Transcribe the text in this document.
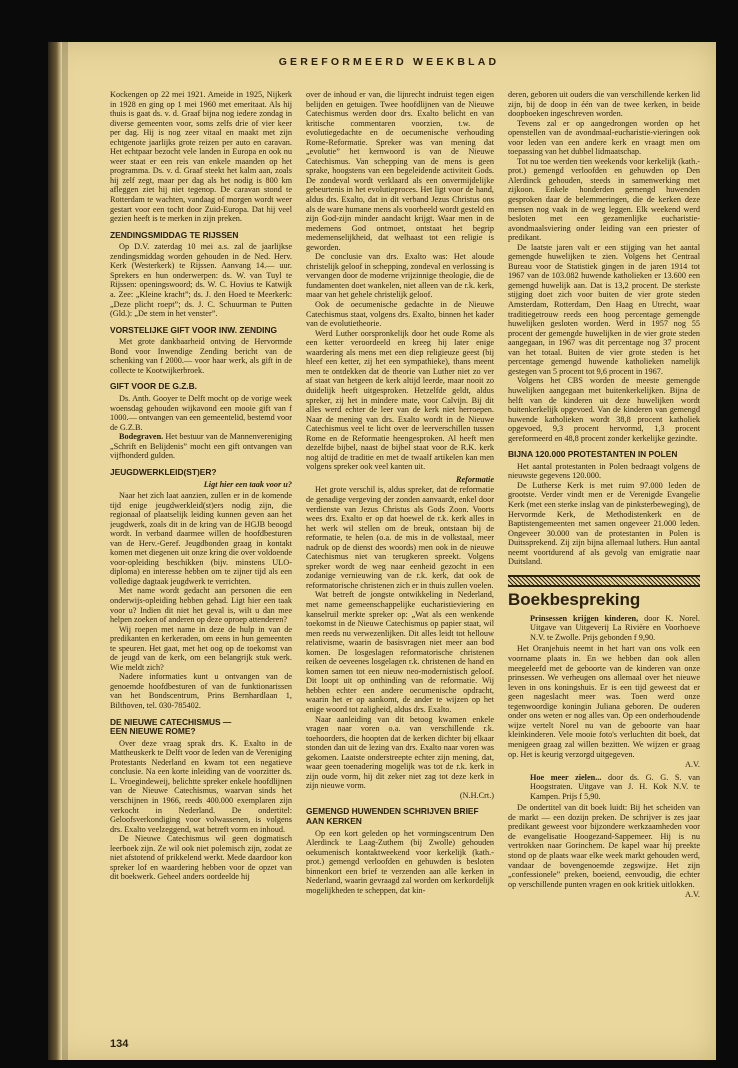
GEREFORMEERD WEEKBLAD

Kockengen op 22 mei 1921. Ameide in 1925, Nijkerk in 1928 en ging op 1 mei 1960 met emeritaat. Als hij thuis is gaat ds. v. d. Graaf bijna nog iedere zondag in diverse gemeenten voor, soms zelfs drie of vier keer per dag. Hij is nog zeer vitaal en maakt met zijn echtgenote jaarlijks grote reizen per auto en caravan. Het echtpaar bezocht vele landen in Europa en ook nu weer staat er een reis van enkele maanden op het programma. Ds. v. d. Graaf steekt het kalm aan, zoals hij zelf zegt, maar per dag als het nodig is 800 km afleggen ziet hij niet tegenop. De caravan stond te Rotterdam te wachten, vandaag of morgen wordt weer gestart voor een tocht door Zuid-Europa. Dat hij veel gezien heeft is te merken in zijn preken.

ZENDINGSMIDDAG TE RIJSSEN

Op D.V. zaterdag 10 mei a.s. zal de jaarlijkse zendingsmiddag worden gehouden in de Ned. Herv. Kerk (Westerkerk) te Rijssen. Aanvang 14.— uur. Sprekers en hun onderwerpen: ds. W. van Tuyl te Rijssen: openingswoord; ds. W. C. Hovius te Katwijk a. Zee: „Kleine kracht”; ds. J. den Hoed te Meerkerk: „Deze plicht roept”; ds. J. C. Schuurman te Putten (Gld.): „De stem in het venster”.

VORSTELIJKE GIFT VOOR INW. ZENDING

Met grote dankbaarheid ontving de Hervormde Bond voor Inwendige Zending bericht van de schenking van f 2000.— voor haar werk, als gift in de collecte te Kootwijkerbroek.

GIFT VOOR DE G.Z.B.

Ds. Anth. Gooyer te Delft mocht op de vorige week woensdag gehouden wijkavond een mooie gift van f 1000.— ontvangen van een gemeentelid, bestemd voor de G.Z.B.

Bodegraven. Het bestuur van de Mannenvereniging „Schrift en Belijdenis” mocht een gift ontvangen van vijfhonderd gulden.

JEUGDWERKLEID(ST)ER?
Ligt hier een taak voor u?

Naar het zich laat aanzien, zullen er in de komende tijd enige jeugdwerkleid(st)ers nodig zijn, die regionaal of plaatselijk leiding kunnen geven aan het jeugdwerk, zoals dit in de kring van de HGJB beoogd wordt. In verband daarmee willen de hoofdbesturen van de Herv.-Geref. Jeugdbonden graag in kontakt komen met diegenen uit onze kring die over voldoende voor-opleiding beschikken (bijv. minstens ULO-diploma) en interesse hebben om te zijner tijd als een volledige dagtaak jeugdwerk te verrichten.

Met name wordt gedacht aan personen die een onderwijs-opleiding hebben gehad. Ligt hier een taak voor u? Indien dit niet het geval is, wilt u dan mee helpen zoeken of anderen op deze oproep attenderen?

Wij roepen met name in deze de hulp in van de predikanten en kerkeraden, om eens in hun gemeenten te speuren. Het gaat, met het oog op de toekomst van de jeugd van de kerk, om een belangrijk stuk werk. Wie meldt zich?

Nadere informaties kunt u ontvangen van de genoemde hoofdbesturen of van de funktionarissen van het Bondscentrum, Prins Bernhardlaan 1, Bilthoven, tel. 030-785402.

DE NIEUWE CATECHISMUS —
EEN NIEUWE ROME?

Over deze vraag sprak drs. K. Exalto in de Mattheuskerk te Delft voor de leden van de Vereniging Protestants Nederland en kwam tot een negatieve conclusie. Na een korte inleiding van de voorzitter ds. L. Vroegindeweij, belichtte spreker enkele hoofdlijnen van de Nieuwe Catechismus, waarvan sinds het verschijnen in 1966, reeds 400.000 exemplaren zijn verkocht in Nederland. De ondertitel: Geloofsverkondiging voor volwassenen, is volgens drs. Exalto veelzeggend, wat betreft vorm en inhoud.

De Nieuwe Catechismus wil geen dogmatisch leerboek zijn. Ze wil ook niet polemisch zijn, zodat ze niet afstotend of prikkelend werkt. Mede daardoor kon spreker lof en waardering hebben voor de opzet van dit boekwerk. Geheel anders oordeelde hij

over de inhoud er van, die lijnrecht indruist tegen eigen belijden en getuigen. Twee hoofdlijnen van de Nieuwe Catechismus werden door drs. Exalto belicht en van kritische commentaren voorzien, t.w. de evolutiegedachte en de oecumenische verhouding Rome-Reformatie. Spreker was van mening dat „evolutie” het kernwoord is van de Nieuwe Catechismus. Van schepping van de mens is geen sprake, hoogstens van een begeleidende activiteit Gods. De zondeval wordt verklaard als een onvermijdelijke gebeurtenis in het evolutieproces. Het ligt voor de hand, aldus drs. Exalto, dat in dit verband Jezus Christus ons als de ware humane mens als voorbeeld wordt gesteld en zijn God-zijn minder aandacht krijgt. Waar men in de medemens God ontmoet, ontstaat het begrip medemenselijkheid, dat welhaast tot een religie is geworden.

De conclusie van drs. Exalto was: Het aloude christelijk geloof in schepping, zondeval en verlossing is vervangen door de moderne vrijzinnige theologie, die de fundamenten doet wankelen, niet alleen van de r.k. kerk, maar van het gehele christelijk geloof.

Ook de oecumenische gedachte in de Nieuwe Catechismus staat, volgens drs. Exalto, binnen het kader van de evolutietheorie.

Werd Luther oorspronkelijk door het oude Rome als een ketter veroordeeld en kreeg hij later enige waardering als mens met een diep religieuze geest (bij hleef een ketter, zij het een sympathieke), thans meent men te ontdekken dat de theorie van Luther niet zo ver af staat van hetgeen de kerk altijd leerde, maar nooit zo duidelijk heeft uitgesproken. Hetzelfde geldt, aldus spreker, zij het in mindere mate, voor Calvijn. Bij dit alles werd echter de leer van de kerk niet herroepen. Naar de mening van drs. Exalto wordt in de Nieuwe Catechismus veel te licht over de leerverschillen tussen Rome en de Reformatie heengesproken. Al heeft men dezelfde bijbel, naast de bijbel staat voor de R.K. kerk nog altijd de traditie en met de twaalf artikelen kan men volgens spreker ook veel kanten uit.

Reformatie

Het grote verschil is, aldus spreker, dat de reformatie de genadige vergeving der zonden aanvaardt, enkel door verdienste van Jezus Christus als Gods Zoon. Voorts wees drs. Exalto er op dat hoewel de r.k. kerk alles in het werk wil stellen om de breuk, ontstaan bij de reformatie, te helen (o.a. de mis in de volkstaal, meer nadruk op de dienst des woords) men ook in de nieuwe Catechismus niet van terugkeren spreekt. Volgens spreker wordt de weg naar eenheid gezocht in een zodanige vernieuwing van de r.k. kerk, dat ook de reformatorische christenen zich er in thuis zullen voelen.

Wat betreft de jongste ontwikkeling in Nederland, met name gemeenschappelijke eucharistieviering en kanselruil merkte spreker op: „Wat als een wenkende toekomst in de Nieuwe Catechismus op papier staat, wil men reeds nu verwezenlijken. Dit alles leidt tot hellouw relativisme, waarin de basisvragen niet meer aan bod komen. De losgeslagen reformatorische christenen reiken de oeveenes losgelagen r.k. christenen de hand en komen samen tot een nieuw neo-modernistisch geloof. Dit loopt uit op onthinding van de reformatie. Wij hebben echter een andere oecumenische opdracht, waarin het er op aankomt, de ander te wijzen op het enige woord tot zaligheid, aldus drs. Exalto.

Naar aanleiding van dit betoog kwamen enkele vragen naar voren o.a. van verschillende r.k. toehoorders, die hoopten dat de kerken dichter bij elkaar stonden dan uit de lezing van drs. Exalto naar voren was gekomen. Laatste onderstreepte echter zijn mening, dat, waar geen toenadering mogelijk was tot de r.k. kerk in zijn oude vorm, hij dit zeker niet zag tot deze kerk in zijn nieuwe vorm.

(N.H.Crt.)
GEMENGD HUWENDEN SCHRIJVEN BRIEF AAN KERKEN

Op een kort geleden op het vormingscentrum Den Alerdinck te Laag-Zuthem (bij Zwolle) gehouden oekumenisch kontaktweekend voor kerkelijk (kath.-prot.) gemengd verloofden en gehuwden is besloten binnenkort een brief te verzenden aan alle kerken in Nederland, waarin gevraagd zal worden om kerkordelijk mogelijkheden te scheppen, dat kin-

deren, geboren uit ouders die van verschillende kerken lid zijn, bij de doop in één van de twee kerken, in beide doopboeken ingeschreven worden.

Tevens zal er op aangedrongen worden op het openstellen van de avondmaal-eucharistie-vieringen ook voor leden van een andere kerk en vraagt men om toepassing van het dubbel lidmaatschap.

Tot nu toe werden tien weekends voor kerkelijk (kath.-prot.) gemengd verloofden en gehuwden op Den Alerdinck gehouden, steeds in samenwerking met zijkoon. Enkele honderden gemengd huwenden gesproken daar de belemmeringen, die de kerken deze mensen nog vaak in de weg leggen. Elk weekend werd besloten met een gezamenlijke eucharistie-avondmaalsviering onder leiding van een priester of predikant.

De laatste jaren valt er een stijging van het aantal gemengde huwelijken te zien. Volgens het Centraal Bureau voor de Statistiek gingen in de jaren 1914 tot 1967 van de 103.082 huwende katholieken er 13.600 een gemengd huwelijk aan. Dat is 13,2 procent. De sterkste stijging doet zich voor buiten de vier grote steden Amsterdam, Rotterdam, Den Haag en Utrecht, waar traditiegetrouw reeds een hoog percentage gemengde huwelijken gesloten worden. Werd in 1957 nog 55 procent der gemengde huwelijken in de vier grote steden aangegaan, in 1967 was dit percentage nog 37 procent van het totaal. Buiten de vier grote steden is het percentage gemengd huwende katholieken namelijk gestegen van 5 procent tot 9,6 procent in 1967.

Volgens het CBS worden de meeste gemengde huwelijken aangegaan met buitenkerkelijken. Bijna de helft van de kinderen uit deze huwelijken wordt buitenkerkelijk opgevoed. Van de kinderen van gemengd huwende katholieken wordt 38,8 procent katholiek opgevoed, 9,3 procent hervormd, 1,3 procent gereformeerd en 48,8 procent zonder kerkelijke gezindte.

BIJNA 120.000 PROTESTANTEN IN POLEN

Het aantal protestanten in Polen bedraagt volgens de nieuwste gegevens 120.000.

De Lutherse Kerk is met ruim 97.000 leden de grootste. Verder vindt men er de Verenigde Evangelie Kerk (met een sterke inslag van de pinksterbeweging), de Hervormde Kerk, de Methodistenkerk en de Baptistengemeenten met samen ongeveer 21.000 leden. Ongeveer 30.000 van de protestanten in Polen is Duitssprekend. Zij zijn bijna allemaal luthers. Hun aantal neemt voortdurend af als gevolg van emigratie naar Duitsland.

Boekbespreking

Prinsessen krijgen kinderen, door K. Norel. Uitgave van Uitgeverij La Rivière en Voorhoeve N.V. te Zwolle. Prijs gebonden f 9,90.

Het Oranjehuis neemt in het hart van ons volk een voorname plaats in. En we hebben dan ook allen meegeleefd met de geboorte van de kinderen van onze prinsessen. We verheugen ons allemaal over het nieuwe leven in ons koningshuis. Er is een tijd geweest dat er geen nageslacht meer was. Toen werd onze tegenwoordige koningin Juliana geboren. De ouderen onder ons weten er nog alles van. Op een onderhoudende wijze vertelt Norel nu van de geboorte van haar kleinkinderen. Vele mooie foto's verluchten dit boek, dat menigeen graag zal willen bezitten. We wijzen er graag op. Het is keurig verzorgd uitgegeven.

A.V.

Hoe meer zielen... door ds. G. G. S. van Hoogstraten. Uitgave van J. H. Kok N.V. te Kampen. Prijs f 5,90.

De ondertitel van dit boek luidt: Bij het scheiden van de markt — een dozijn preken. De schrijver is zes jaar predikant geweest voor bijzondere werkzaamheden voor de evangelisatie Hoogezand-Sappemeer. Hij is nu vertrokken naar Gorinchem. De kapel waar hij preekte stond op de plaats waar elke week markt gehouden werd, vandaar de bovengenoemde zegswijze. Het zijn „confessionele” preken, boeiend, eenvoudig, die echter op verschillende punten vragen en ook kritiek uitlokken.

A.V.
134
